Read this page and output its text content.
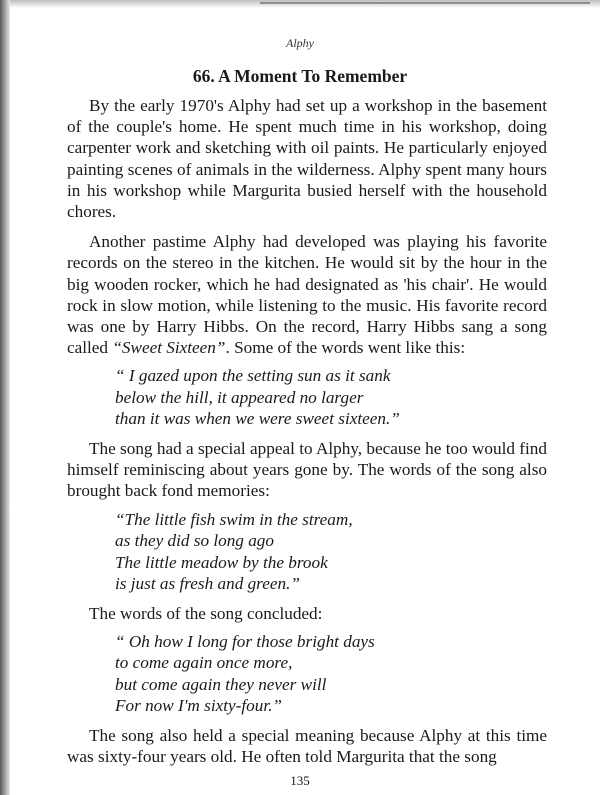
Alphy
66. A Moment To Remember

By the early 1970's Alphy had set up a workshop in the basement of the couple's home. He spent much time in his workshop, doing carpenter work and sketching with oil paints. He particularly enjoyed painting scenes of animals in the wilderness. Alphy spent many hours in his workshop while Margurita busied herself with the household chores.

Another pastime Alphy had developed was playing his favorite records on the stereo in the kitchen. He would sit by the hour in the big wooden rocker, which he had designated as 'his chair'. He would rock in slow motion, while listening to the music. His favorite record was one by Harry Hibbs. On the record, Harry Hibbs sang a song called “Sweet Sixteen”. Some of the words went like this:

“ I gazed upon the setting sun as it sank
below the hill, it appeared no larger
than it was when we were sweet sixteen.”

The song had a special appeal to Alphy, because he too would find himself reminiscing about years gone by. The words of the song also brought back fond memories:

“The little fish swim in the stream,
as they did so long ago
The little meadow by the brook
is just as fresh and green.”

The words of the song concluded:

“ Oh how I long for those bright days
to come again once more,
but come again they never will
For now I'm sixty-four.”

The song also held a special meaning because Alphy at this time was sixty-four years old. He often told Margurita that the song

135
